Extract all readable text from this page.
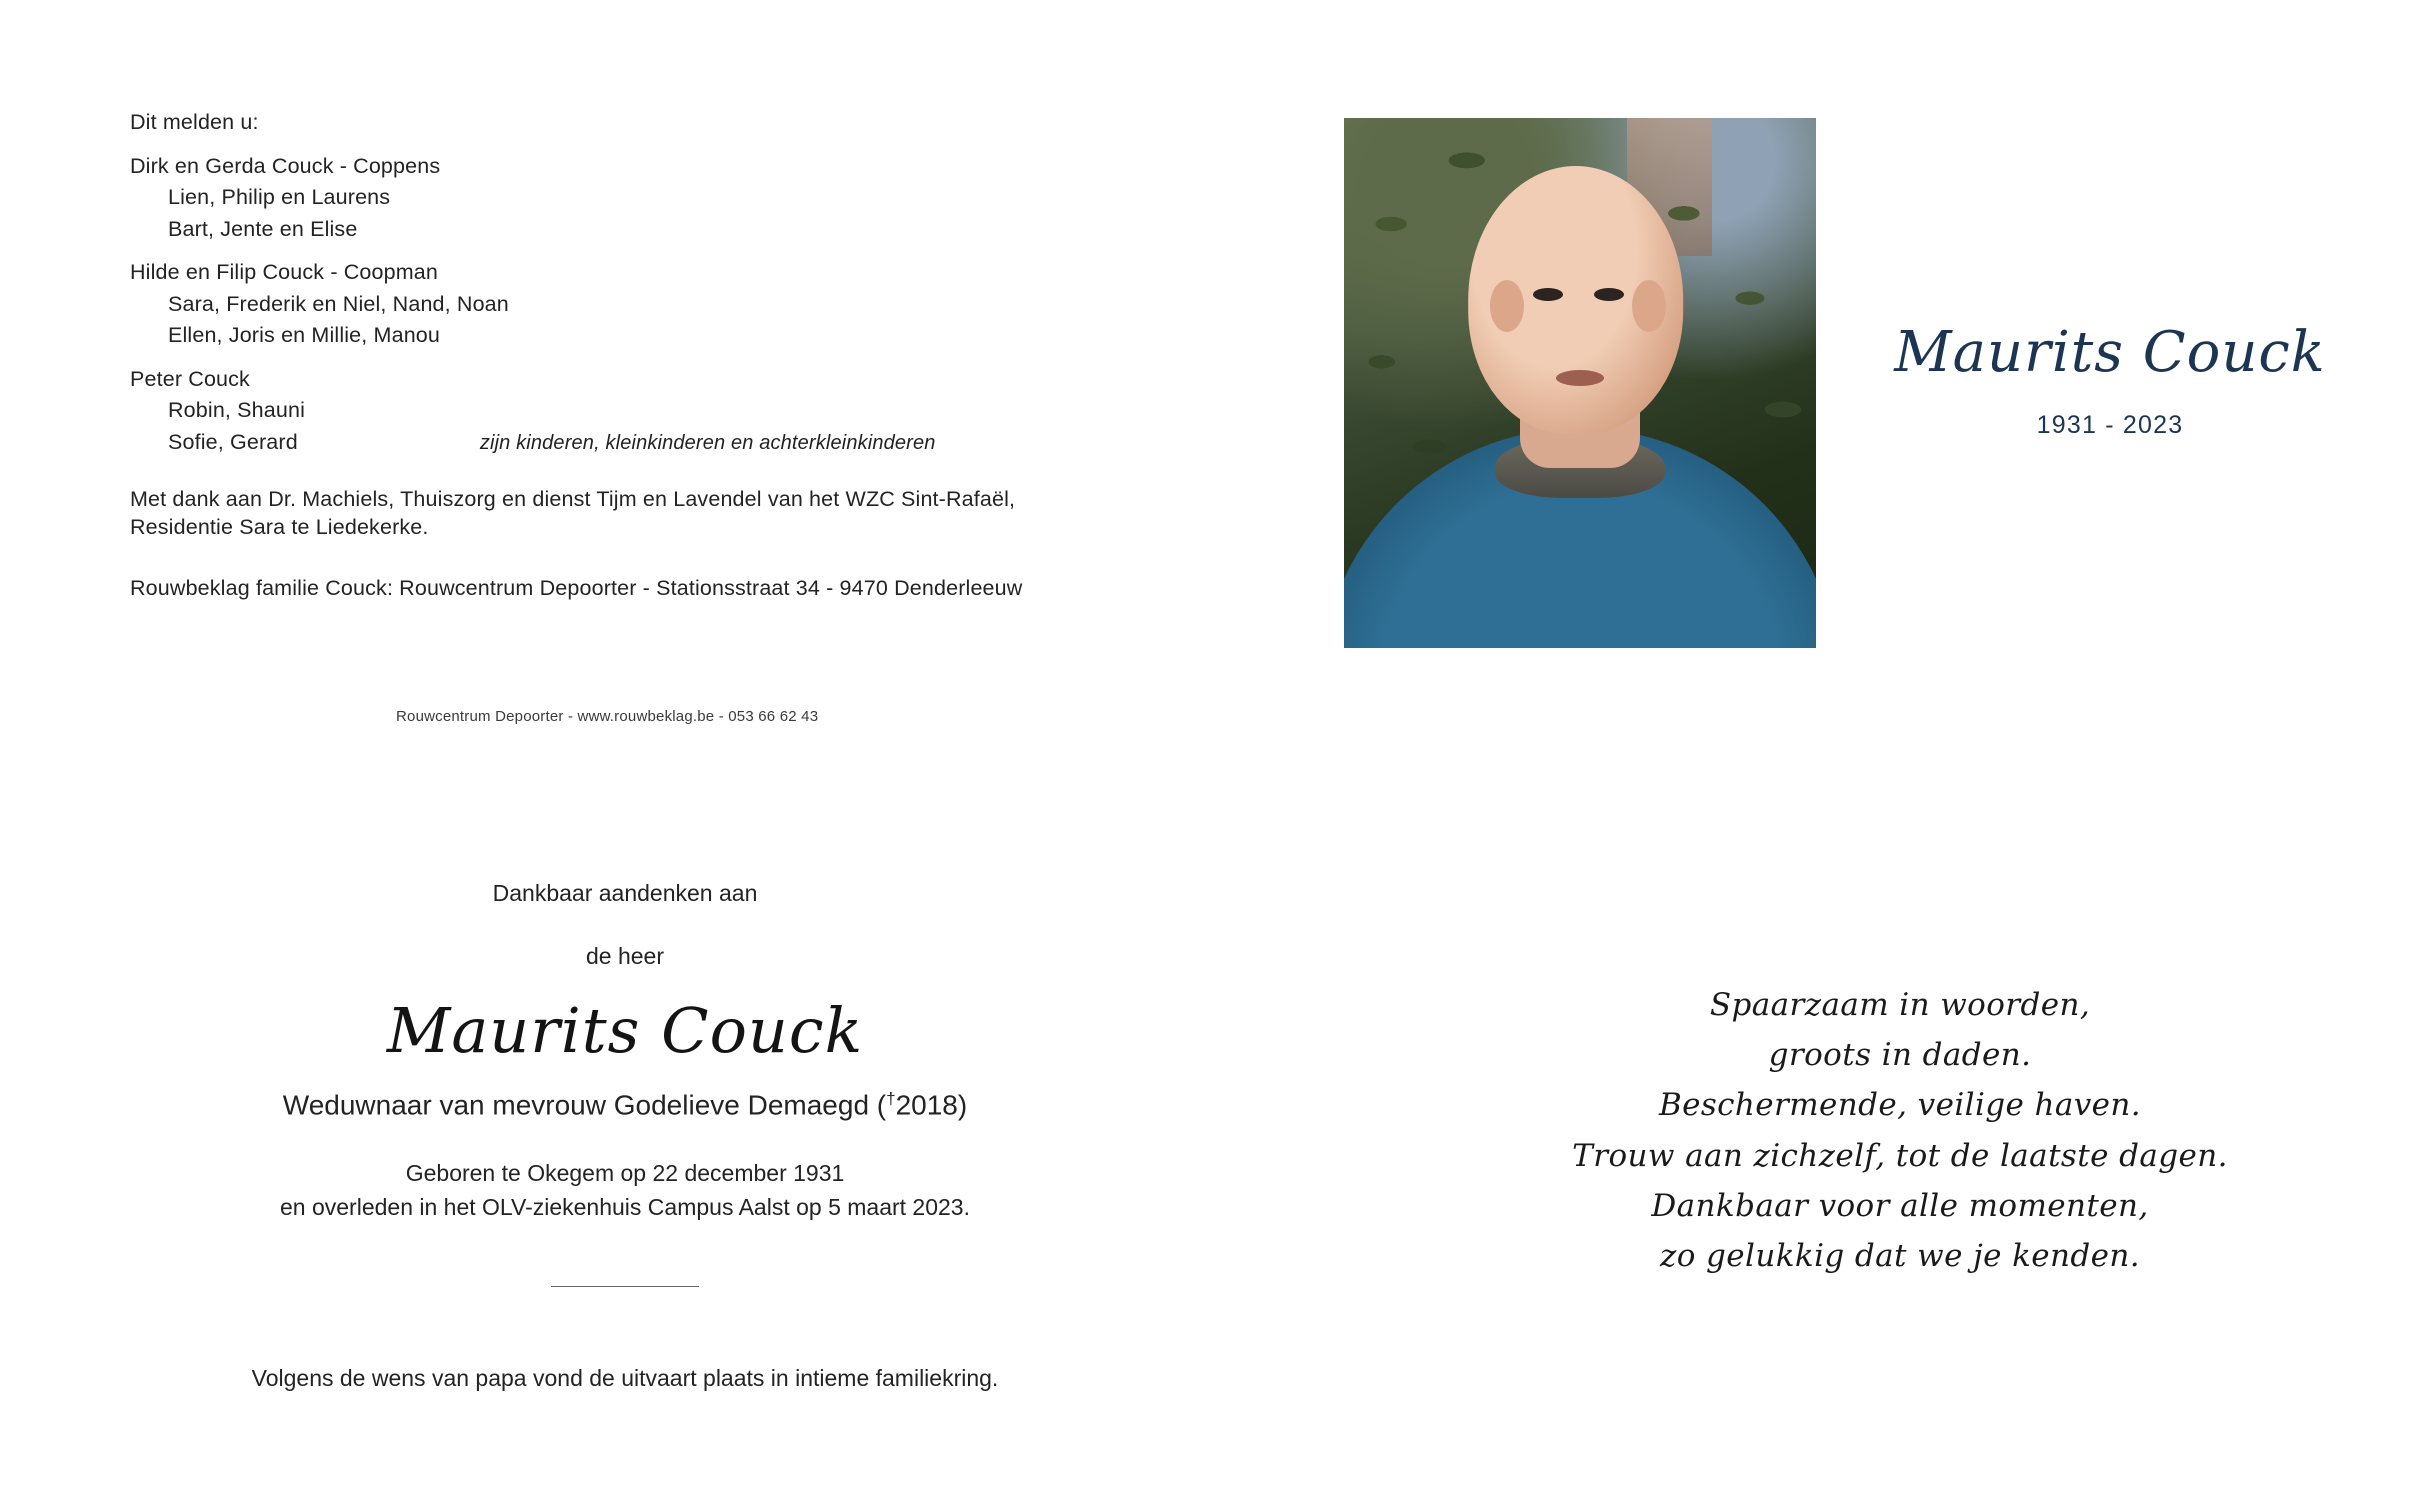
Dit melden u:
Dirk en Gerda Couck - Coppens
Lien, Philip en Laurens
Bart, Jente en Elise
Hilde en Filip Couck - Coopman
Sara, Frederik en Niel, Nand, Noan
Ellen, Joris en Millie, Manou
Peter Couck
Robin, Shauni
Sofie, Gerard	zijn kinderen, kleinkinderen en achterkleinkinderen
Met dank aan Dr. Machiels, Thuiszorg en dienst Tijm en Lavendel van het WZC Sint-Rafaël,
Residentie Sara te Liedekerke.
Rouwbeklag familie Couck: Rouwcentrum Depoorter - Stationsstraat 34 - 9470 Denderleeuw
Rouwcentrum Depoorter - www.rouwbeklag.be - 053 66 62 43
Maurits Couck
1931 - 2023
Dankbaar aandenken aan
de heer
Maurits Couck
Weduwnaar van mevrouw Godelieve Demaegd (†2018)
Geboren te Okegem op 22 december 1931
en overleden in het OLV-ziekenhuis Campus Aalst op 5 maart 2023.
Volgens de wens van papa vond de uitvaart plaats in intieme familiekring.
Spaarzaam in woorden,
groots in daden.
Beschermende, veilige haven.
Trouw aan zichzelf, tot de laatste dagen.
Dankbaar voor alle momenten,
zo gelukkig dat we je kenden.
